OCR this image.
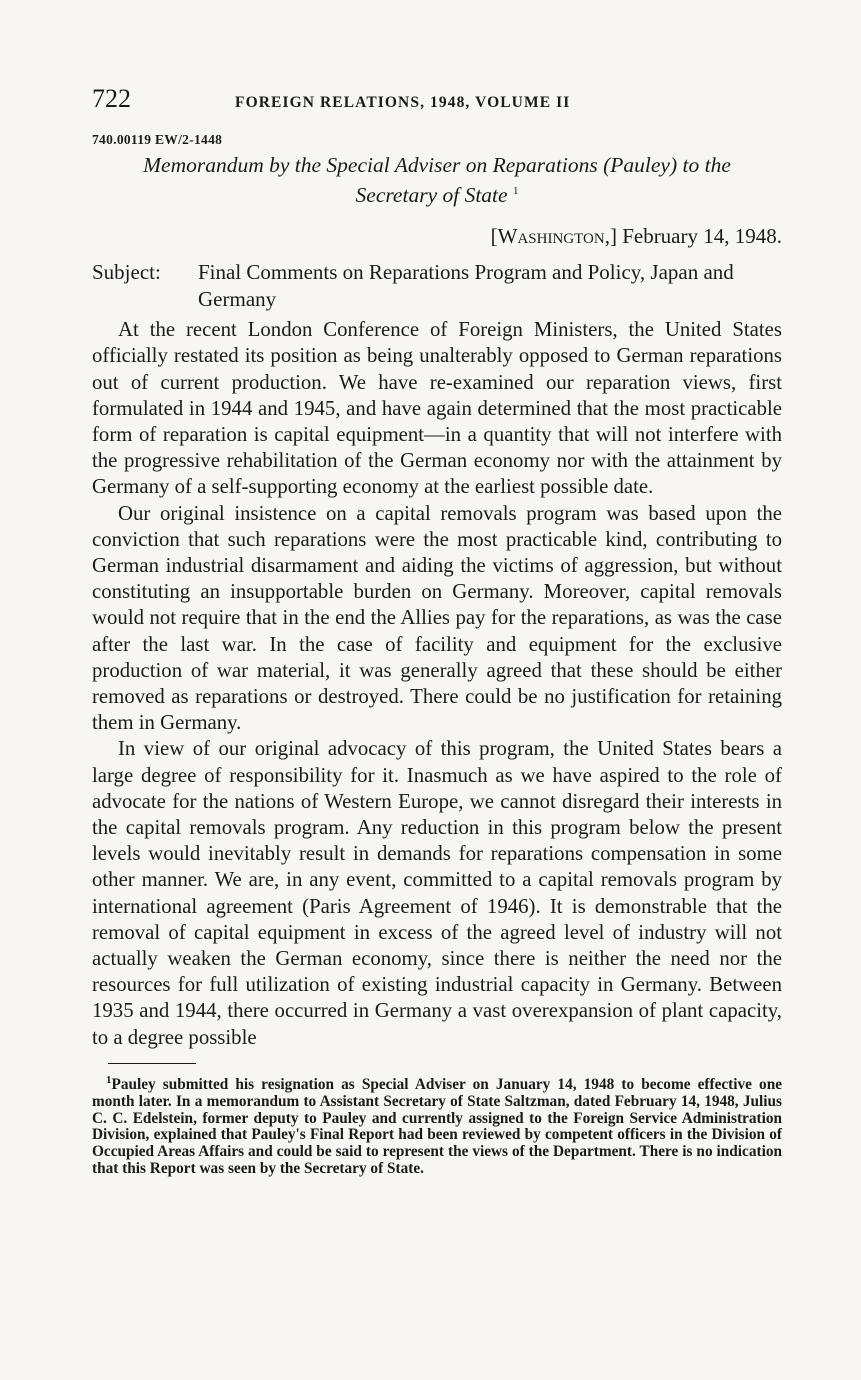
722	FOREIGN RELATIONS, 1948, VOLUME II
740.00119 EW/2-1448
Memorandum by the Special Adviser on Reparations (Pauley) to the
Secretary of State $^1$
[Washington,] February 14, 1948.
Subject:	Final Comments on Reparations Program and Policy, Japan and Germany

At the recent London Conference of Foreign Ministers, the United States officially restated its position as being unalterably opposed to German reparations out of current production. We have re-examined our reparation views, first formulated in 1944 and 1945, and have again determined that the most practicable form of reparation is capital equipment—in a quantity that will not interfere with the progressive rehabilitation of the German economy nor with the attainment by Germany of a self-supporting economy at the earliest possible date.

Our original insistence on a capital removals program was based upon the conviction that such reparations were the most practicable kind, contributing to German industrial disarmament and aiding the victims of aggression, but without constituting an insupportable burden on Germany. Moreover, capital removals would not require that in the end the Allies pay for the reparations, as was the case after the last war. In the case of facility and equipment for the exclusive production of war material, it was generally agreed that these should be either removed as reparations or destroyed. There could be no justification for retaining them in Germany.

In view of our original advocacy of this program, the United States bears a large degree of responsibility for it. Inasmuch as we have aspired to the role of advocate for the nations of Western Europe, we cannot disregard their interests in the capital removals program. Any reduction in this program below the present levels would inevitably result in demands for reparations compensation in some other manner. We are, in any event, committed to a capital removals program by international agreement (Paris Agreement of 1946). It is demonstrable that the removal of capital equipment in excess of the agreed level of industry will not actually weaken the German economy, since there is neither the need nor the resources for full utilization of existing industrial capacity in Germany. Between 1935 and 1944, there occurred in Germany a vast overexpansion of plant capacity, to a degree possible

$^1$Pauley submitted his resignation as Special Adviser on January 14, 1948 to become effective one month later. In a memorandum to Assistant Secretary of State Saltzman, dated February 14, 1948, Julius C. C. Edelstein, former deputy to Pauley and currently assigned to the Foreign Service Administration Division, explained that Pauley's Final Report had been reviewed by competent officers in the Division of Occupied Areas Affairs and could be said to represent the views of the Department. There is no indication that this Report was seen by the Secretary of State.
